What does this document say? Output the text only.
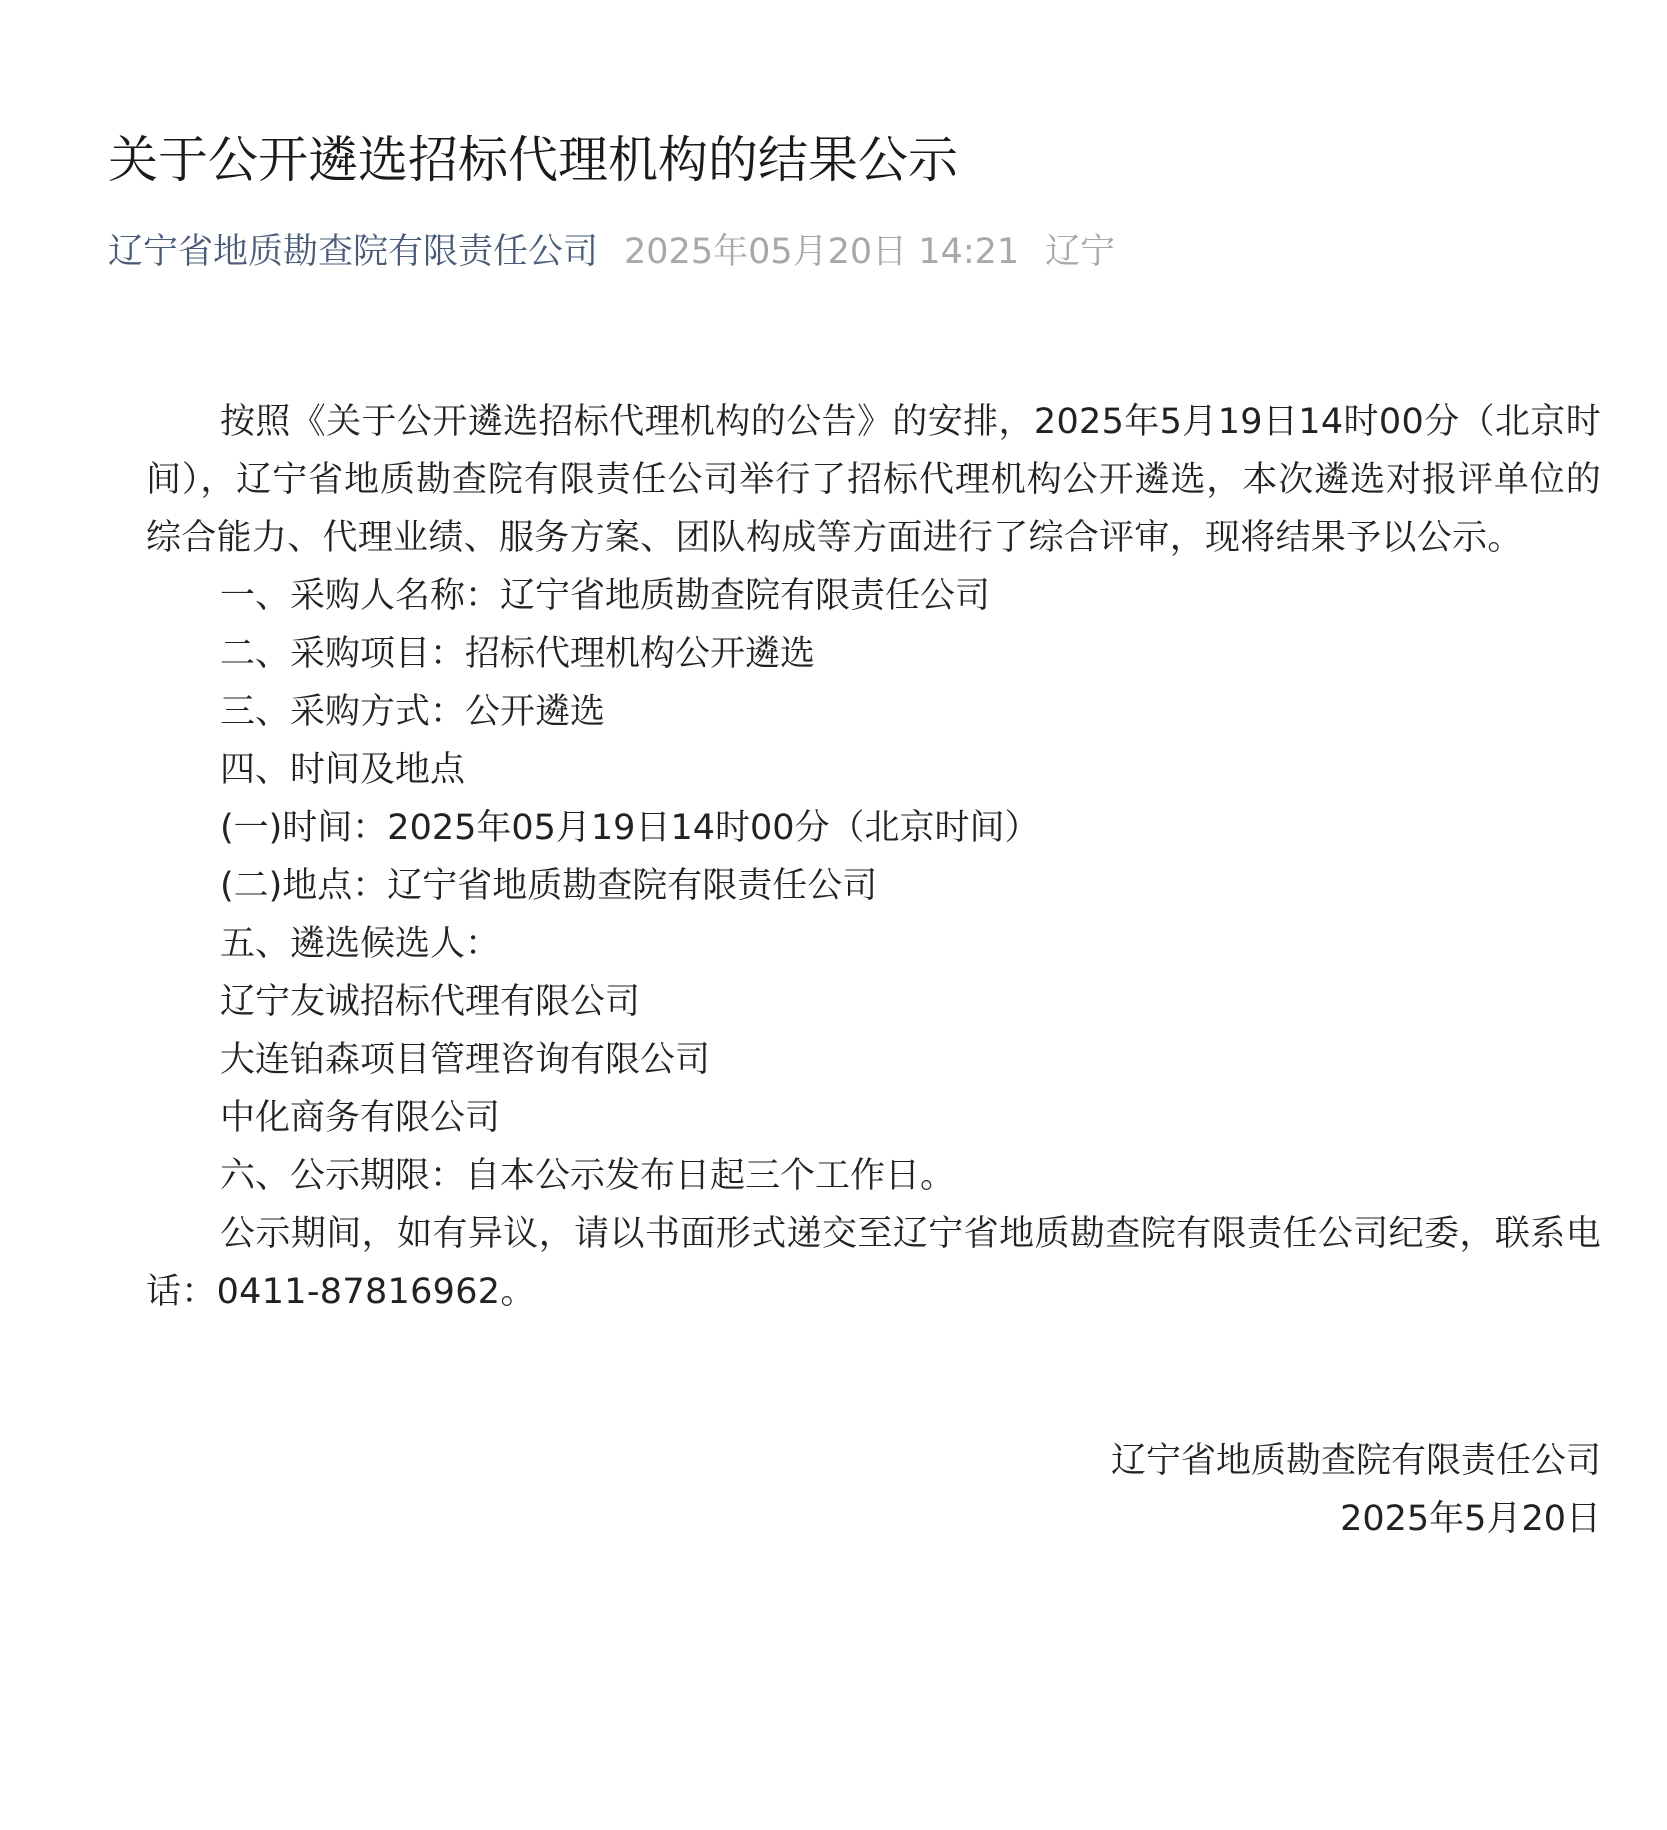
关于公开遴选招标代理机构的结果公示
辽宁省地质勘查院有限责任公司 2025年05月20日 14:21 辽宁

按照《关于公开遴选招标代理机构的公告》的安排，2025年5月19日14时00分（北京时间），辽宁省地质勘查院有限责任公司举行了招标代理机构公开遴选，本次遴选对报评单位的综合能力、代理业绩、服务方案、团队构成等方面进行了综合评审，现将结果予以公示。

一、采购人名称：辽宁省地质勘查院有限责任公司

二、采购项目：招标代理机构公开遴选

三、采购方式：公开遴选

四、时间及地点

(一)时间：2025年05月19日14时00分（北京时间）

(二)地点：辽宁省地质勘查院有限责任公司

五、遴选候选人：

辽宁友诚招标代理有限公司

大连铂森项目管理咨询有限公司

中化商务有限公司

六、公示期限：自本公示发布日起三个工作日。

公示期间，如有异议，请以书面形式递交至辽宁省地质勘查院有限责任公司纪委，联系电话：0411-87816962。

辽宁省地质勘查院有限责任公司
2025年5月20日
